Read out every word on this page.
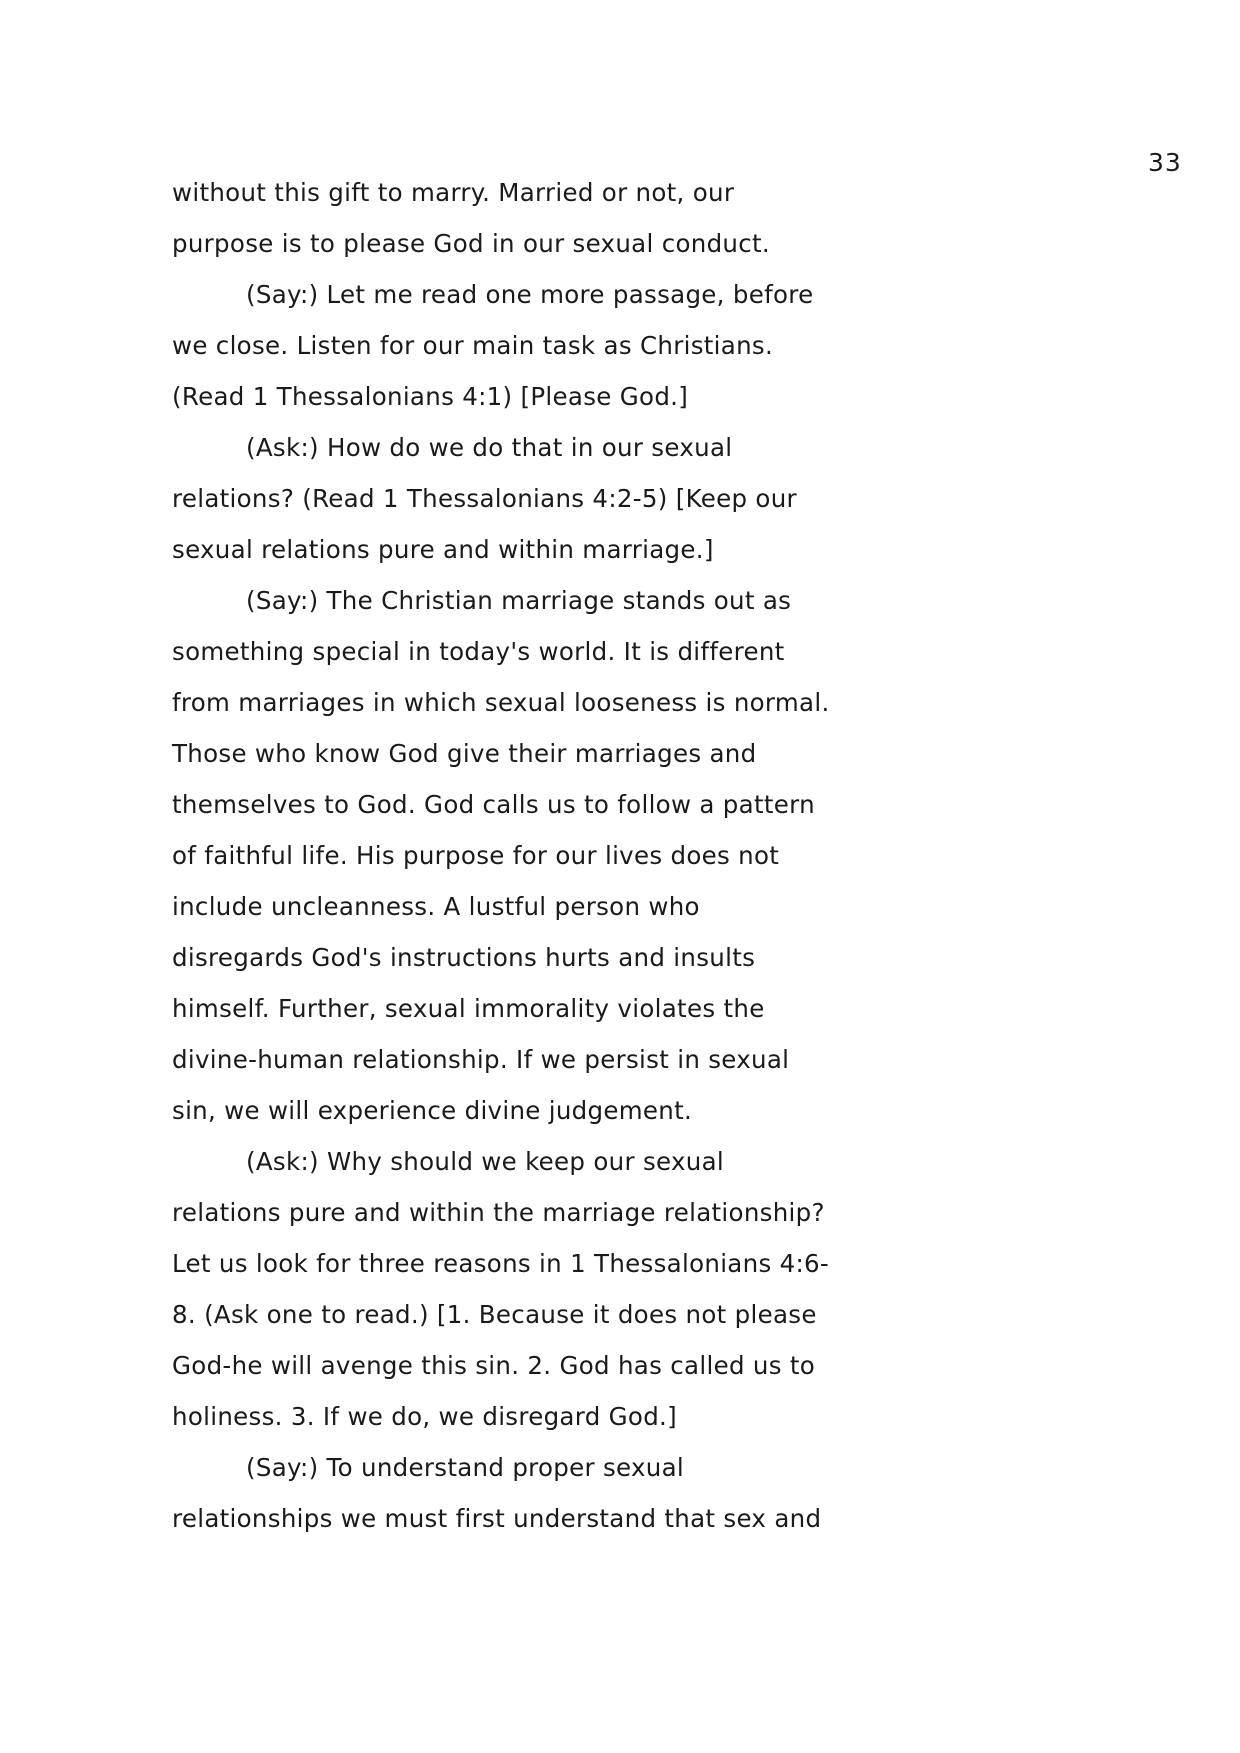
33
without this gift to marry. Married or not, our
purpose is to please God in our sexual conduct.
(Say:) Let me read one more passage, before
we close. Listen for our main task as Christians.
(Read 1 Thessalonians 4:1) [Please God.]
(Ask:) How do we do that in our sexual
relations? (Read 1 Thessalonians 4:2-5) [Keep our
sexual relations pure and within marriage.]
(Say:) The Christian marriage stands out as
something special in today's world. It is different
from marriages in which sexual looseness is normal.
Those who know God give their marriages and
themselves to God. God calls us to follow a pattern
of faithful life. His purpose for our lives does not
include uncleanness. A lustful person who
disregards God's instructions hurts and insults
himself. Further, sexual immorality violates the
divine-human relationship. If we persist in sexual
sin, we will experience divine judgement.
(Ask:) Why should we keep our sexual
relations pure and within the marriage relationship?
Let us look for three reasons in 1 Thessalonians 4:6-
8. (Ask one to read.) [1. Because it does not please
God-he will avenge this sin. 2. God has called us to
holiness. 3. If we do, we disregard God.]
(Say:) To understand proper sexual
relationships we must first understand that sex and
